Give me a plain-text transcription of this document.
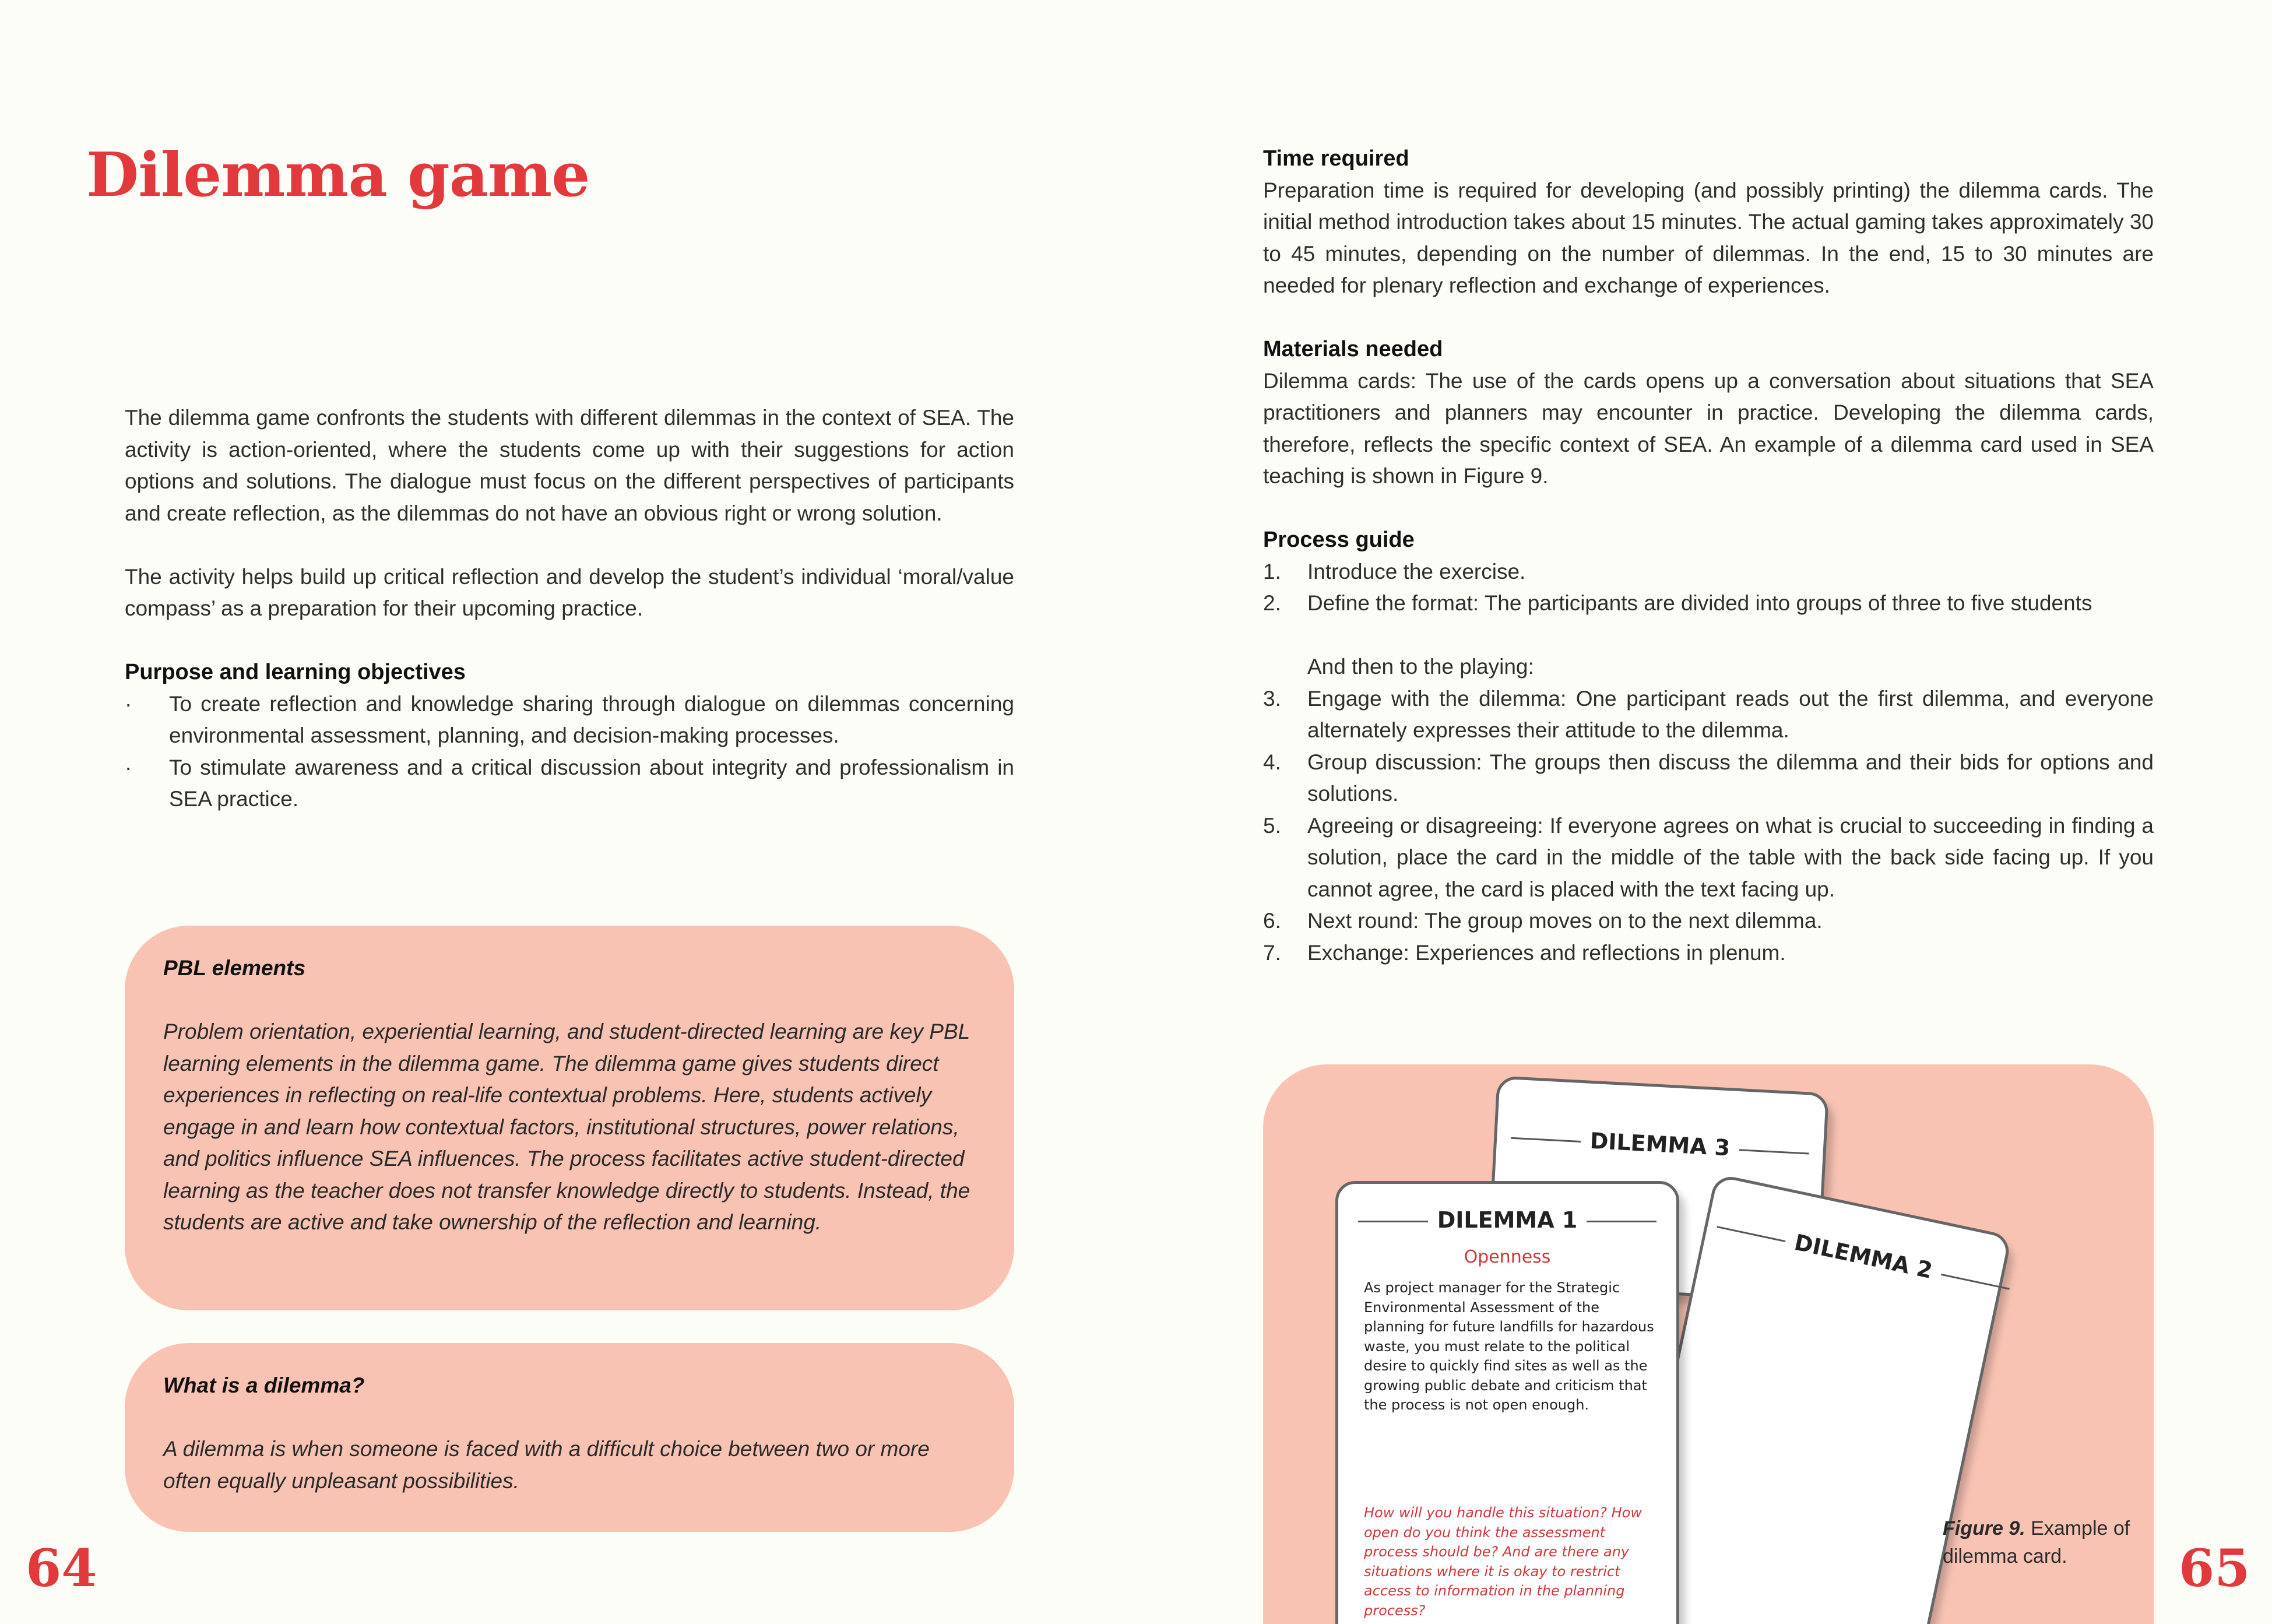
Dilemma game

The dilemma game confronts the students with different dilemmas in the context of SEA. The activity is action-oriented, where the students come up with their suggestions for action options and solutions. The dialogue must focus on the different perspectives of participants and create reflection, as the dilemmas do not have an obvious right or wrong solution.

The activity helps build up critical reflection and develop the student’s individual ‘moral/value compass’ as a preparation for their upcoming practice.

Purpose and learning objectives

· To create reflection and knowledge sharing through dialogue on dilemmas concerning environmental assessment, planning, and decision-making processes.
· To stimulate awareness and a critical discussion about integrity and professionalism in SEA practice.

PBL elements

Problem orientation, experiential learning, and student-directed learning are key PBL learning elements in the dilemma game. The dilemma game gives students direct experiences in reflecting on real-life contextual problems. Here, students actively engage in and learn how contextual factors, institutional structures, power relations, and politics influence SEA influences. The process facilitates active student-directed learning as the teacher does not transfer knowledge directly to students. Instead, the students are active and take ownership of the reflection and learning.

What is a dilemma?

A dilemma is when someone is faced with a difficult choice between two or more often equally unpleasant possibilities.

64

Time required

Preparation time is required for developing (and possibly printing) the dilemma cards. The initial method introduction takes about 15 minutes. The actual gaming takes approximately 30 to 45 minutes, depending on the number of dilemmas. In the end, 15 to 30 minutes are needed for plenary reflection and exchange of experiences.

Materials needed

Dilemma cards: The use of the cards opens up a conversation about situations that SEA practitioners and planners may encounter in practice. Developing the dilemma cards, therefore, reflects the specific context of SEA. An example of a dilemma card used in SEA teaching is shown in Figure 9.

Process guide

1.	Introduce the exercise.
2.	Define the format: The participants are divided into groups of three to five students

And then to the playing:

3.	Engage with the dilemma: One participant reads out the first dilemma, and everyone alternately expresses their attitude to the dilemma.
4.	Group discussion: The groups then discuss the dilemma and their bids for options and solutions.
5.	Agreeing or disagreeing: If everyone agrees on what is crucial to succeeding in finding a solution, place the card in the middle of the table with the back side facing up. If you cannot agree, the card is placed with the text facing up.
6.	Next round: The group moves on to the next dilemma.
7.	Exchange: Experiences and reflections in plenum.
DILEMMA 3
DILEMMA 2
DILEMMA 1
Openness
As project manager for the Strategic Environmental Assessment of the planning for future landfills for hazardous waste, you must relate to the political desire to quickly find sites as well as the growing public debate and criticism that the process is not open enough.
How will you handle this situation? How open do you think the assessment process should be? And are there any situations where it is okay to restrict access to information in the planning process?
Figure 9. Example of dilemma card.	65
